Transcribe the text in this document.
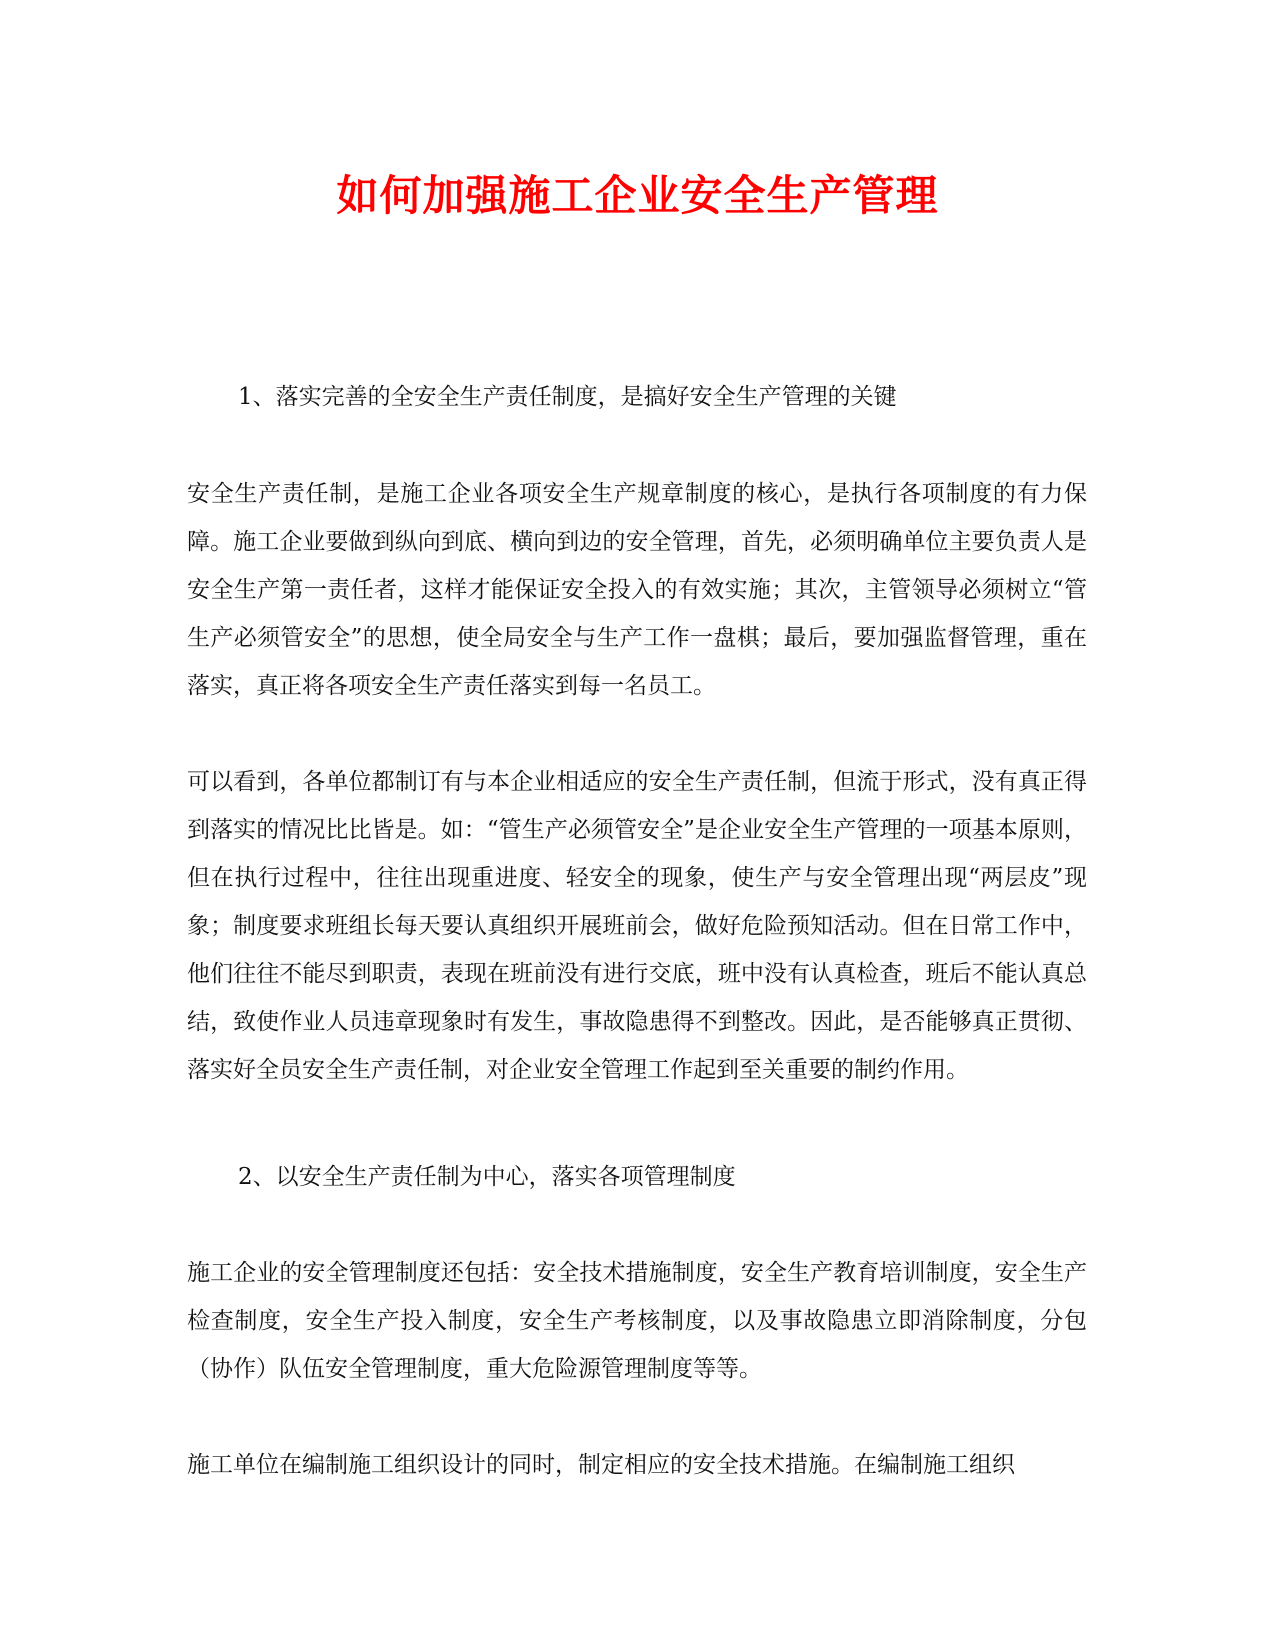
如何加强施工企业安全生产管理
1、落实完善的全安全生产责任制度，是搞好安全生产管理的关键
安全生产责任制，是施工企业各项安全生产规章制度的核心，是执行各项制度的有力保障。施工企业要做到纵向到底、横向到边的安全管理，首先，必须明确单位主要负责人是安全生产第一责任者，这样才能保证安全投入的有效实施；其次，主管领导必须树立“管生产必须管安全”的思想，使全局安全与生产工作一盘棋；最后，要加强监督管理，重在落实，真正将各项安全生产责任落实到每一名员工。
可以看到，各单位都制订有与本企业相适应的安全生产责任制，但流于形式，没有真正得到落实的情况比比皆是。如：“管生产必须管安全”是企业安全生产管理的一项基本原则，但在执行过程中，往往出现重进度、轻安全的现象，使生产与安全管理出现“两层皮”现象；制度要求班组长每天要认真组织开展班前会，做好危险预知活动。但在日常工作中，他们往往不能尽到职责，表现在班前没有进行交底，班中没有认真检查，班后不能认真总结，致使作业人员违章现象时有发生，事故隐患得不到整改。因此，是否能够真正贯彻、落实好全员安全生产责任制，对企业安全管理工作起到至关重要的制约作用。
2、以安全生产责任制为中心，落实各项管理制度
施工企业的安全管理制度还包括：安全技术措施制度，安全生产教育培训制度，安全生产检查制度，安全生产投入制度，安全生产考核制度，以及事故隐患立即消除制度，分包（协作）队伍安全管理制度，重大危险源管理制度等等。
施工单位在编制施工组织设计的同时，制定相应的安全技术措施。在编制施工组织
